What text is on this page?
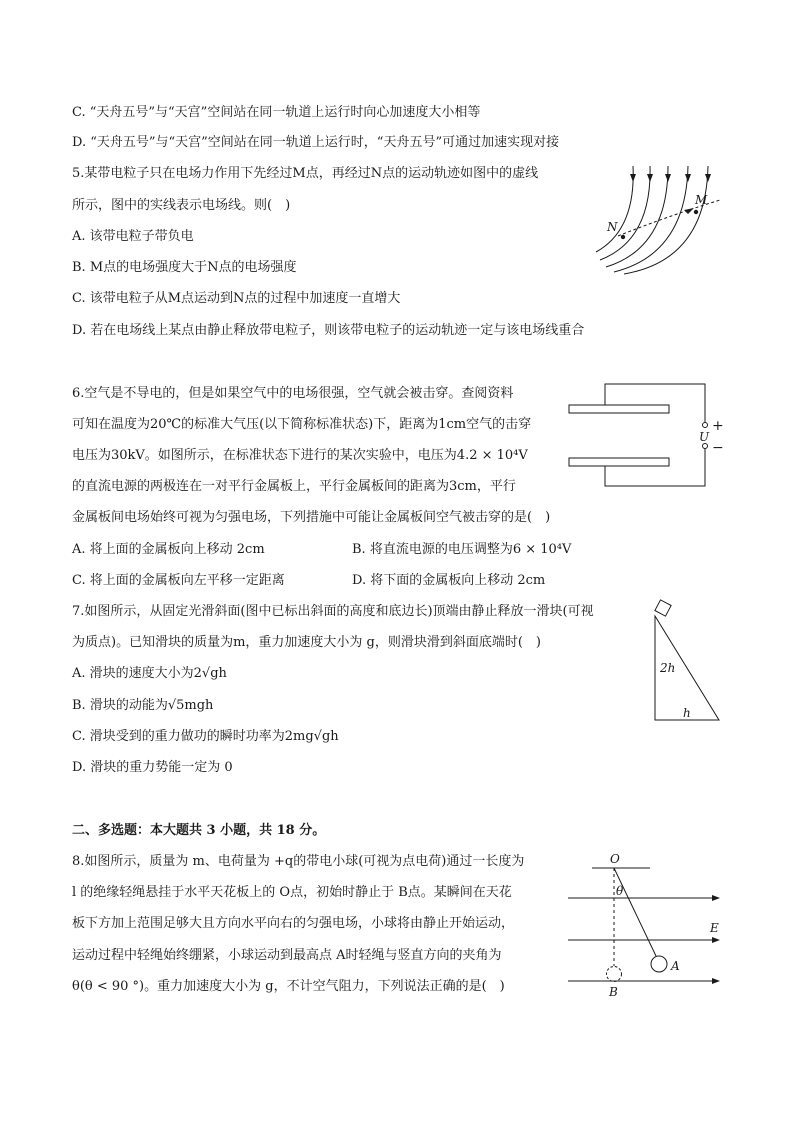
C. “天舟五号”与“天宫”空间站在同一轨道上运行时向心加速度大小相等
D. “天舟五号”与“天宫”空间站在同一轨道上运行时，“天舟五号”可通过加速实现对接
5.某带电粒子只在电场力作用下先经过M点，再经过N点的运动轨迹如图中的虚线
所示，图中的实线表示电场线。则(　)
A. 该带电粒子带负电
B. M点的电场强度大于N点的电场强度
C. 该带电粒子从M点运动到N点的过程中加速度一直增大
D. 若在电场线上某点由静止释放带电粒子，则该带电粒子的运动轨迹一定与该电场线重合
N
M
6.空气是不导电的，但是如果空气中的电场很强，空气就会被击穿。查阅资料
可知在温度为20℃的标准大气压(以下简称标准状态)下，距离为1cm空气的击穿
电压为30kV。如图所示，在标准状态下进行的某次实验中，电压为4.2 × 10⁴V
的直流电源的两极连在一对平行金属板上，平行金属板间的距离为3cm，平行
金属板间电场始终可视为匀强电场，下列措施中可能让金属板间空气被击穿的是(　)
A. 将上面的金属板向上移动 2cm	B. 将直流电源的电压调整为6 × 10⁴V
C. 将上面的金属板向左平移一定距离	D. 将下面的金属板向上移动 2cm
+
−
U
7.如图所示，从固定光滑斜面(图中已标出斜面的高度和底边长)顶端由静止释放一滑块(可视
为质点)。已知滑块的质量为m，重力加速度大小为 g，则滑块滑到斜面底端时(　)
A. 滑块的速度大小为2√gh
B. 滑块的动能为√5mgh
C. 滑块受到的重力做功的瞬时功率为2mg√gh
D. 滑块的重力势能一定为 0
2h
h
二、多选题：本大题共 3 小题，共 18 分。
8.如图所示，质量为 m、电荷量为 +q的带电小球(可视为点电荷)通过一长度为
l 的绝缘轻绳悬挂于水平天花板上的 O点，初始时静止于 B点。某瞬间在天花
板下方加上范围足够大且方向水平向右的匀强电场，小球将由静止开始运动，
运动过程中轻绳始终绷紧，小球运动到最高点 A时轻绳与竖直方向的夹角为
θ(θ < 90 °)。重力加速度大小为 g，不计空气阻力，下列说法正确的是(　)
O
θ
E
A
B
